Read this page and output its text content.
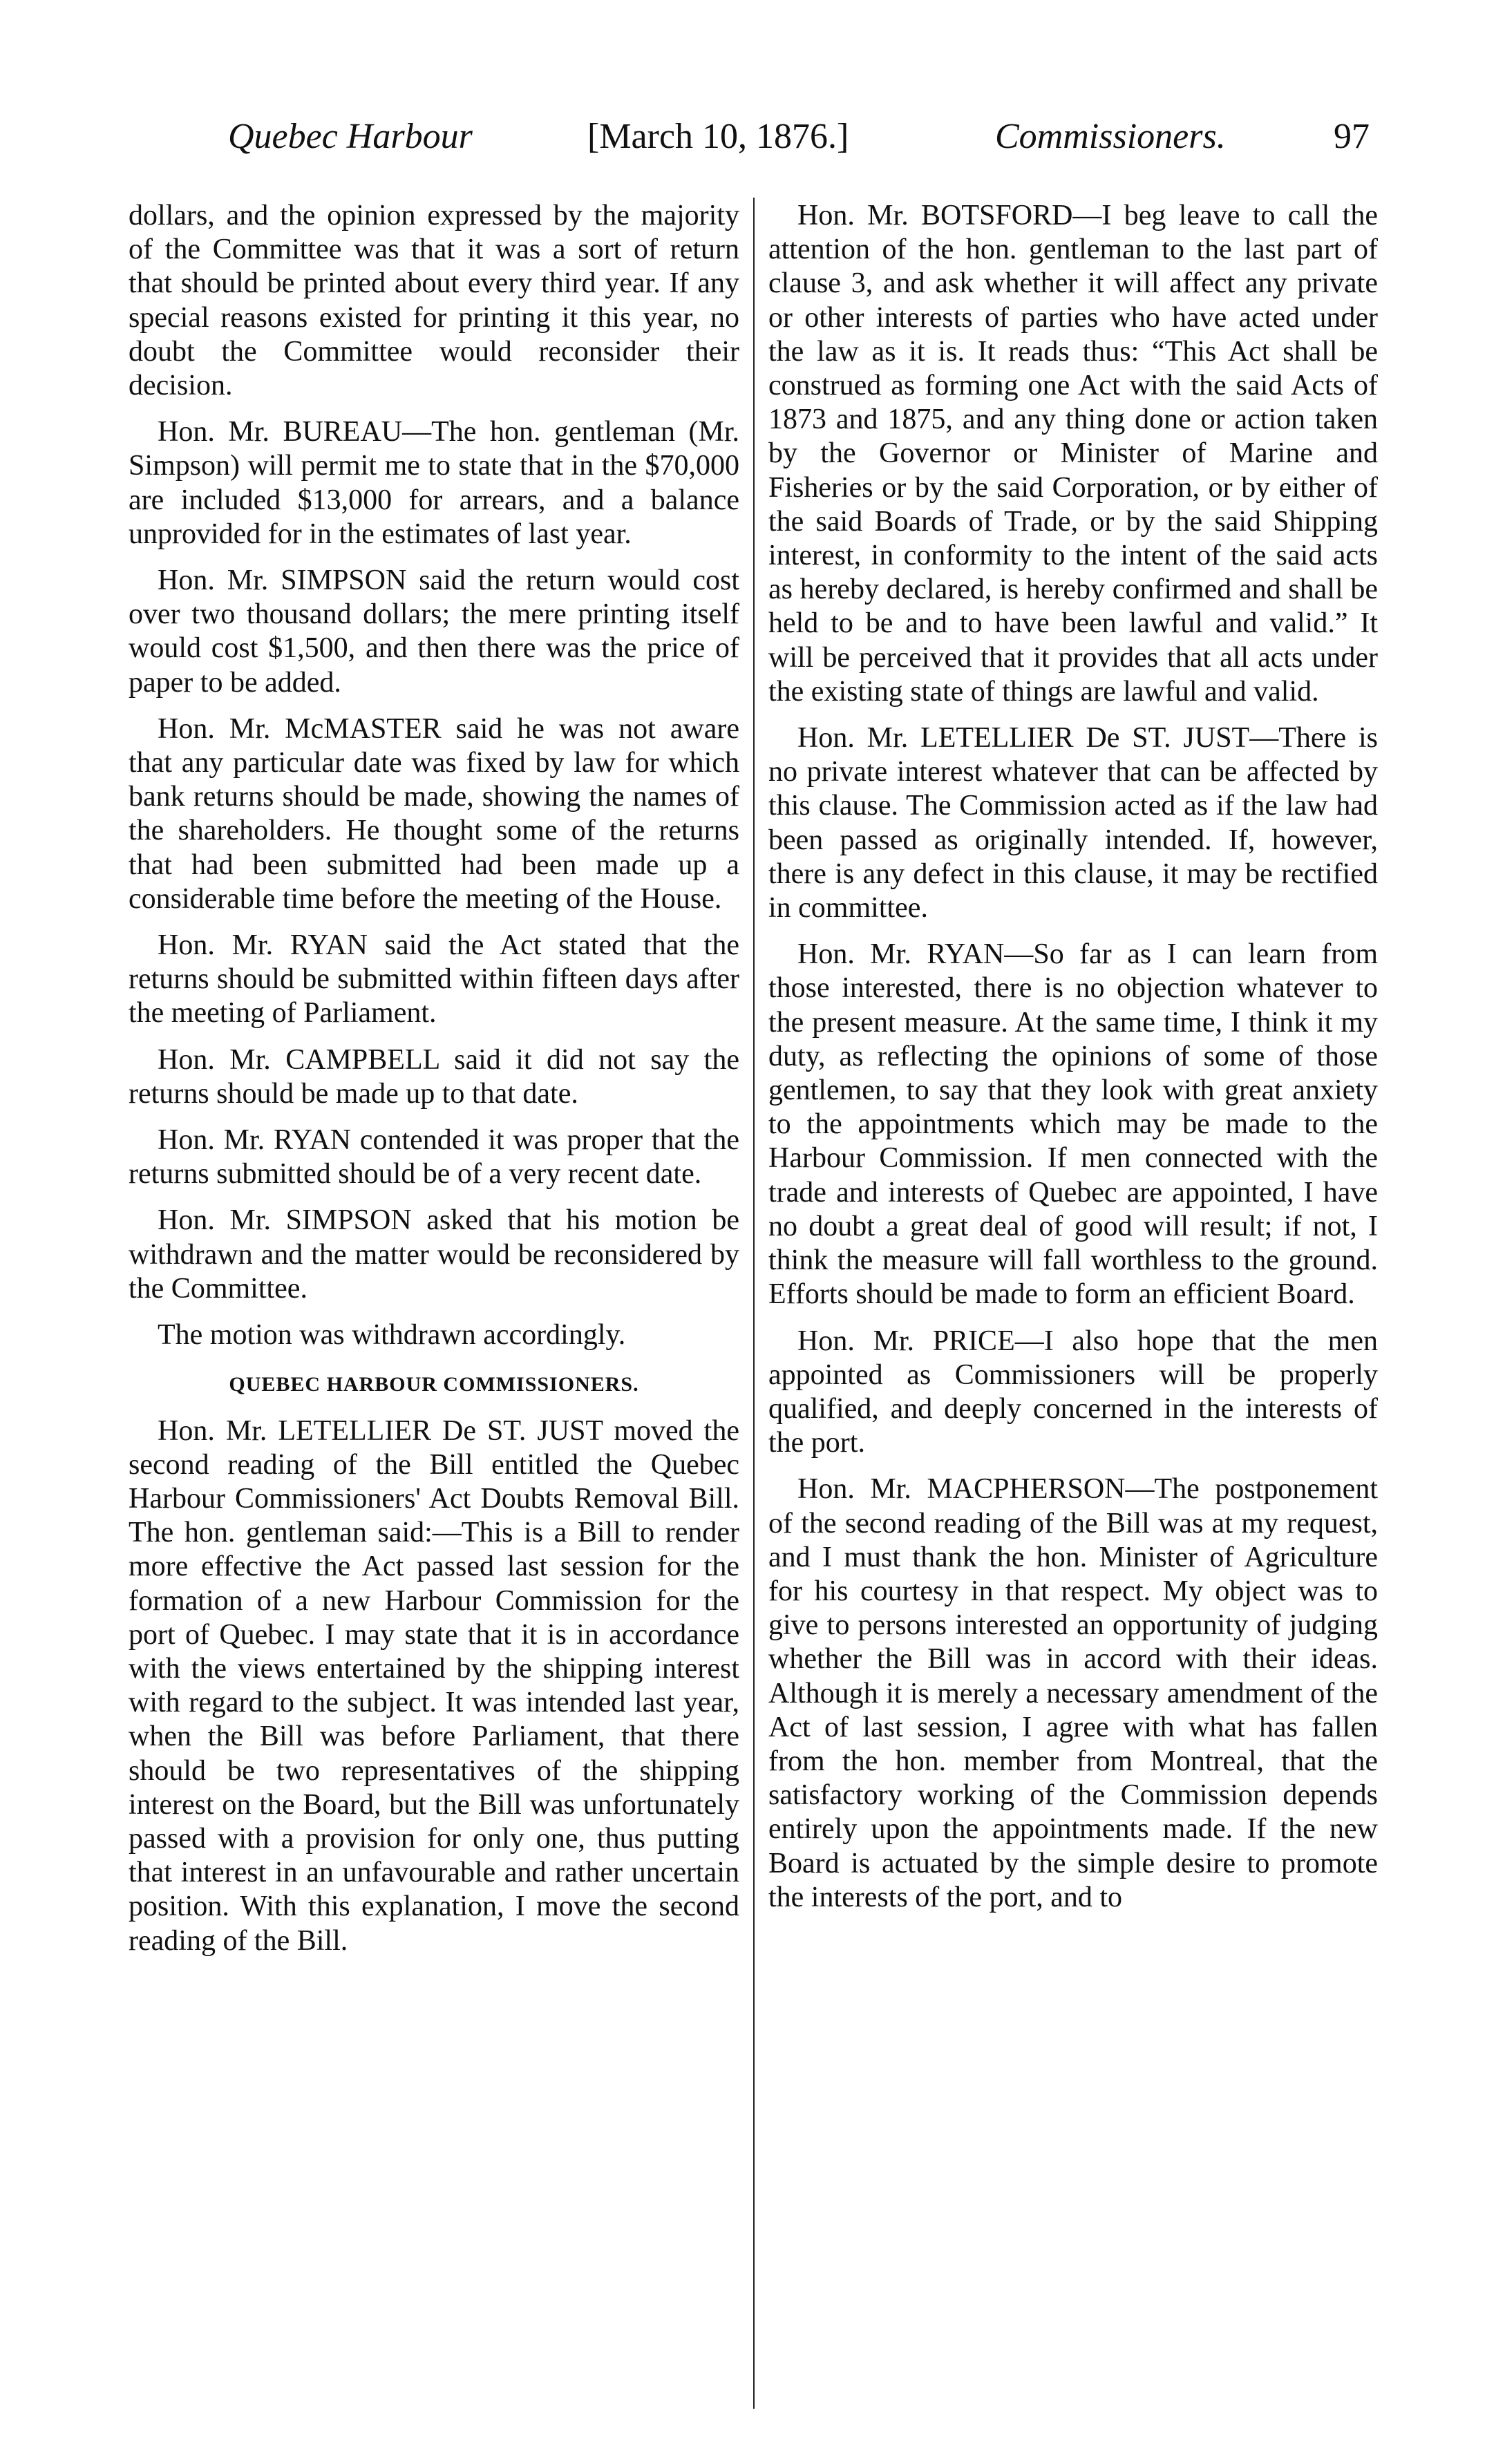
Quebec Harbour	[March 10, 1876.]	Commissioners.	97

dollars, and the opinion expressed by the majority of the Committee was that it was a sort of return that should be printed about every third year. If any special reasons existed for printing it this year, no doubt the Committee would reconsider their decision.

Hon. Mr. BUREAU—The hon. gentleman (Mr. Simpson) will permit me to state that in the $70,000 are included $13,000 for arrears, and a balance unprovided for in the estimates of last year.

Hon. Mr. SIMPSON said the return would cost over two thousand dollars; the mere printing itself would cost $1,500, and then there was the price of paper to be added.

Hon. Mr. McMASTER said he was not aware that any particular date was fixed by law for which bank returns should be made, showing the names of the shareholders. He thought some of the returns that had been submitted had been made up a considerable time before the meeting of the House.

Hon. Mr. RYAN said the Act stated that the returns should be submitted within fifteen days after the meeting of Parliament.

Hon. Mr. CAMPBELL said it did not say the returns should be made up to that date.

Hon. Mr. RYAN contended it was proper that the returns submitted should be of a very recent date.

Hon. Mr. SIMPSON asked that his motion be withdrawn and the matter would be reconsidered by the Committee.

The motion was withdrawn accordingly.

QUEBEC HARBOUR COMMISSIONERS.

Hon. Mr. LETELLIER De ST. JUST moved the second reading of the Bill entitled the Quebec Harbour Commissioners' Act Doubts Removal Bill. The hon. gentleman said:—This is a Bill to render more effective the Act passed last session for the formation of a new Harbour Commission for the port of Quebec. I may state that it is in accordance with the views entertained by the shipping interest with regard to the subject. It was intended last year, when the Bill was before Parliament, that there should be two representatives of the shipping interest on the Board, but the Bill was unfortunately passed with a provision for only one, thus putting that interest in an unfavourable and rather uncertain position. With this explanation, I move the second reading of the Bill.

Hon. Mr. BOTSFORD—I beg leave to call the attention of the hon. gentleman to the last part of clause 3, and ask whether it will affect any private or other interests of parties who have acted under the law as it is. It reads thus: “This Act shall be construed as forming one Act with the said Acts of 1873 and 1875, and any thing done or action taken by the Governor or Minister of Marine and Fisheries or by the said Corporation, or by either of the said Boards of Trade, or by the said Shipping interest, in conformity to the intent of the said acts as hereby declared, is hereby confirmed and shall be held to be and to have been lawful and valid.” It will be perceived that it provides that all acts under the existing state of things are lawful and valid.

Hon. Mr. LETELLIER De ST. JUST—There is no private interest whatever that can be affected by this clause. The Commission acted as if the law had been passed as originally intended. If, however, there is any defect in this clause, it may be rectified in committee.

Hon. Mr. RYAN—So far as I can learn from those interested, there is no objection whatever to the present measure. At the same time, I think it my duty, as reflecting the opinions of some of those gentlemen, to say that they look with great anxiety to the appointments which may be made to the Harbour Commission. If men connected with the trade and interests of Quebec are appointed, I have no doubt a great deal of good will result; if not, I think the measure will fall worthless to the ground. Efforts should be made to form an efficient Board.

Hon. Mr. PRICE—I also hope that the men appointed as Commissioners will be properly qualified, and deeply concerned in the interests of the port.

Hon. Mr. MACPHERSON—The postponement of the second reading of the Bill was at my request, and I must thank the hon. Minister of Agriculture for his courtesy in that respect. My object was to give to persons interested an opportunity of judging whether the Bill was in accord with their ideas. Although it is merely a necessary amendment of the Act of last session, I agree with what has fallen from the hon. member from Montreal, that the satisfactory working of the Commission depends entirely upon the appointments made. If the new Board is actuated by the simple desire to promote the interests of the port, and to
